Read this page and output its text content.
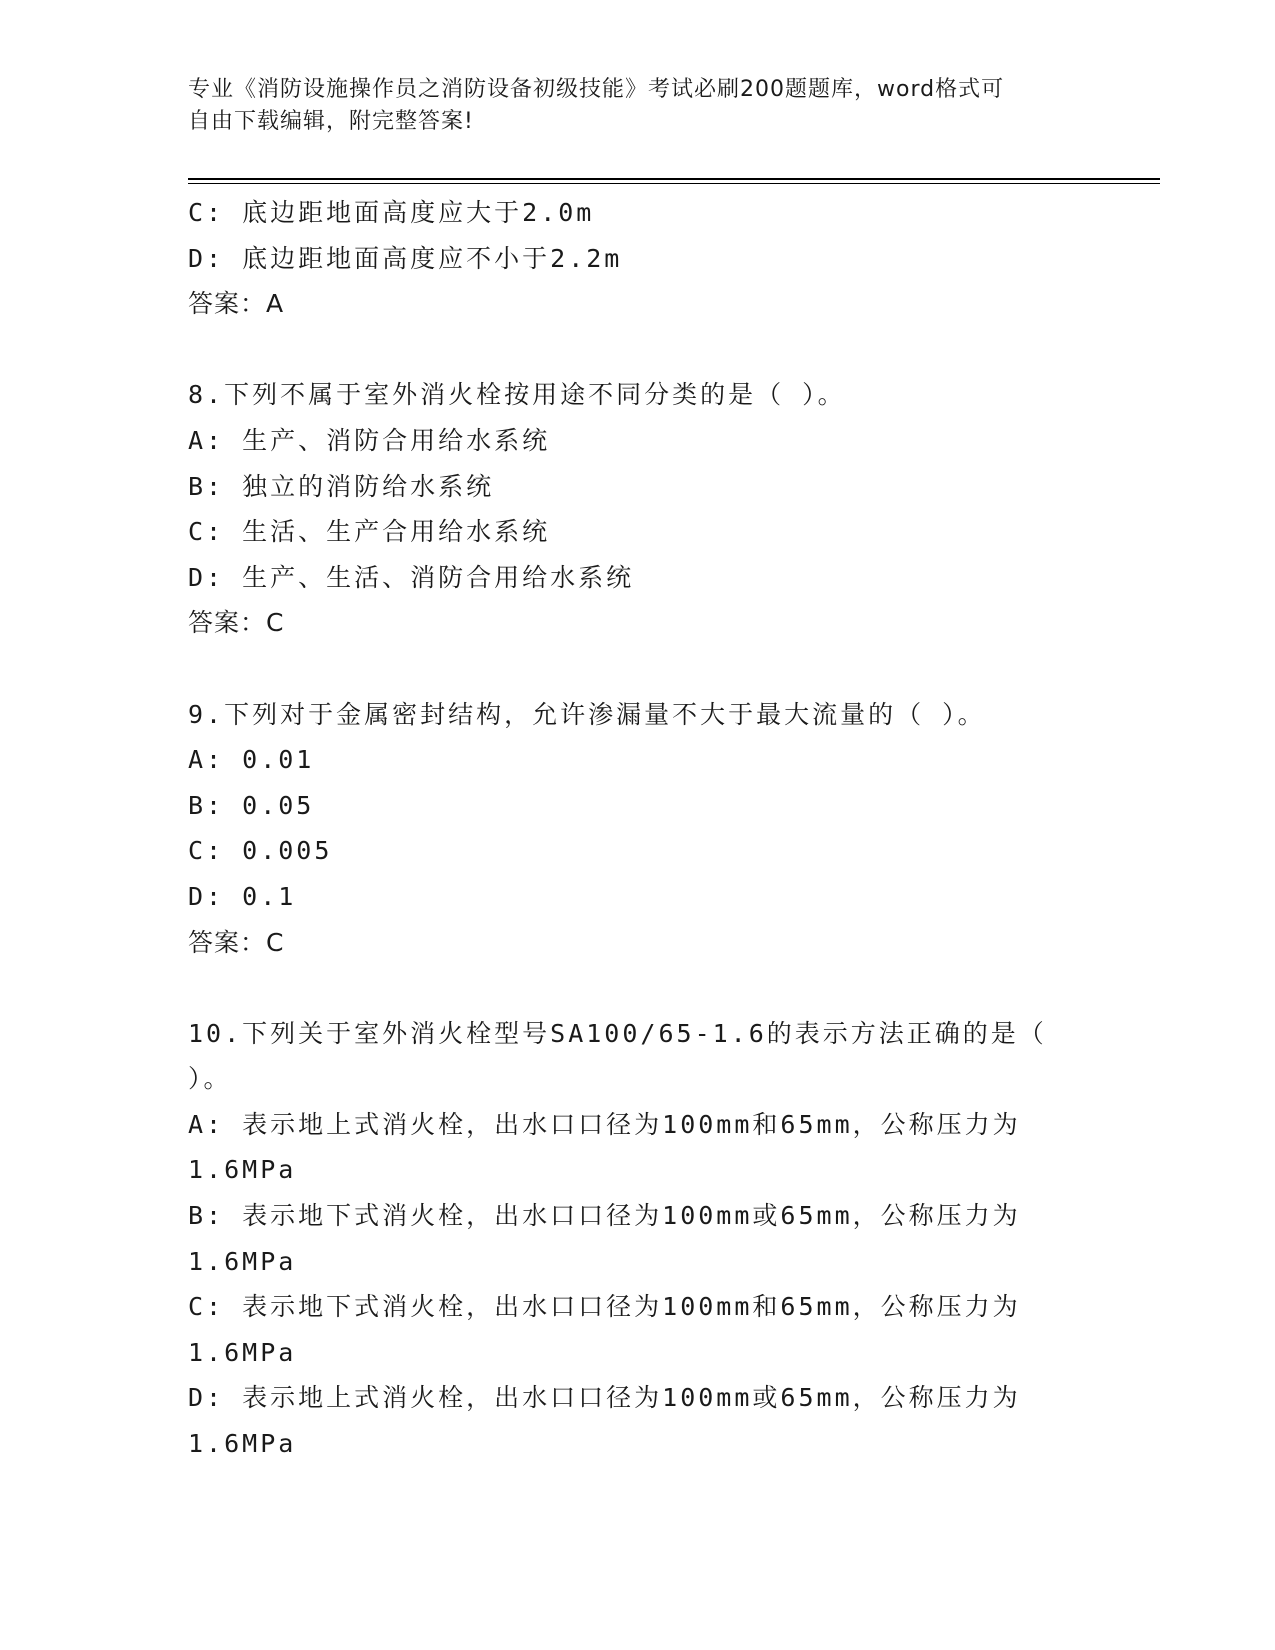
专业《消防设施操作员之消防设备初级技能》考试必刷200题题库，word格式可
自由下载编辑，附完整答案!
C: 底边距地面高度应大于2.0m
D: 底边距地面高度应不小于2.2m
答案：A
8.下列不属于室外消火栓按用途不同分类的是（ ）。
A: 生产、消防合用给水系统
B: 独立的消防给水系统
C: 生活、生产合用给水系统
D: 生产、生活、消防合用给水系统
答案：C
9.下列对于金属密封结构，允许渗漏量不大于最大流量的（ ）。
A: 0.01
B: 0.05
C: 0.005
D: 0.1
答案：C
10.下列关于室外消火栓型号SA100/65-1.6的表示方法正确的是（
）。
A: 表示地上式消火栓，出水口口径为100mm和65mm，公称压力为
1.6MPa
B: 表示地下式消火栓，出水口口径为100mm或65mm，公称压力为
1.6MPa
C: 表示地下式消火栓，出水口口径为100mm和65mm，公称压力为
1.6MPa
D: 表示地上式消火栓，出水口口径为100mm或65mm，公称压力为
1.6MPa
